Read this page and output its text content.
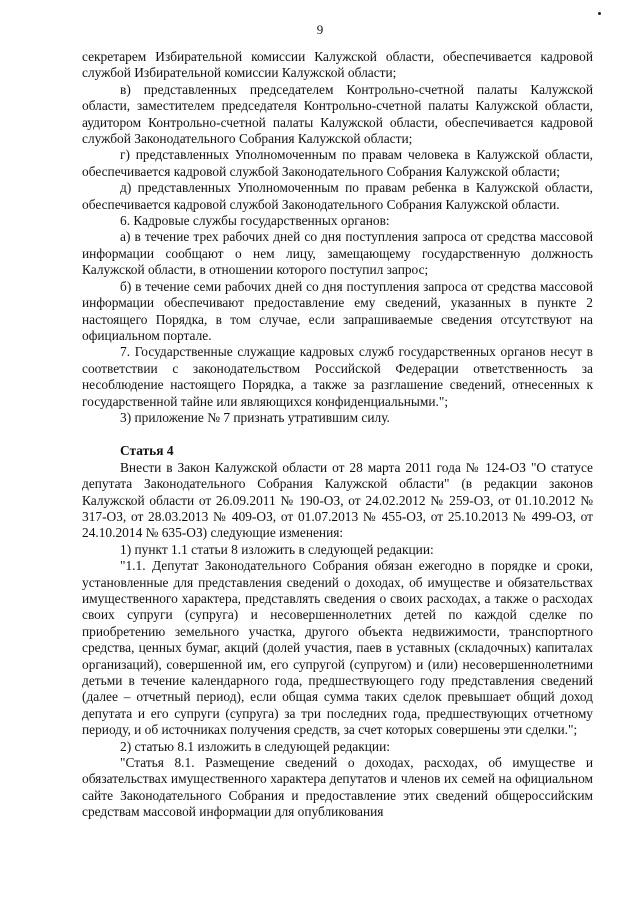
9

секретарем Избирательной комиссии Калужской области, обеспечивается кадровой службой Избирательной комиссии Калужской области;

в) представленных председателем Контрольно-счетной палаты Калужской области, заместителем председателя Контрольно-счетной палаты Калужской области, аудитором Контрольно-счетной палаты Калужской области, обеспечивается кадровой службой Законодательного Собрания Калужской области;

г) представленных Уполномоченным по правам человека в Калужской области, обеспечивается кадровой службой Законодательного Собрания Калужской области;

д) представленных Уполномоченным по правам ребенка в Калужской области, обеспечивается кадровой службой Законодательного Собрания Калужской области.

6. Кадровые службы государственных органов:

а) в течение трех рабочих дней со дня поступления запроса от средства массовой информации сообщают о нем лицу, замещающему государственную должность Калужской области, в отношении которого поступил запрос;

б) в течение семи рабочих дней со дня поступления запроса от средства массовой информации обеспечивают предоставление ему сведений, указанных в пункте 2 настоящего Порядка, в том случае, если запрашиваемые сведения отсутствуют на официальном портале.

7. Государственные служащие кадровых служб государственных органов несут в соответствии с законодательством Российской Федерации ответственность за несоблюдение настоящего Порядка, а также за разглашение сведений, отнесенных к государственной тайне или являющихся конфиденциальными.";

3) приложение № 7 признать утратившим силу.

Статья 4

Внести в Закон Калужской области от 28 марта 2011 года № 124-ОЗ "О статусе депутата Законодательного Собрания Калужской области" (в редакции законов Калужской области от 26.09.2011 № 190-ОЗ, от 24.02.2012 № 259-ОЗ, от 01.10.2012 № 317-ОЗ, от 28.03.2013 № 409-ОЗ, от 01.07.2013 № 455-ОЗ, от 25.10.2013 № 499-ОЗ, от 24.10.2014 № 635-ОЗ) следующие изменения:

1) пункт 1.1 статьи 8 изложить в следующей редакции:

"1.1. Депутат Законодательного Собрания обязан ежегодно в порядке и сроки, установленные для представления сведений о доходах, об имуществе и обязательствах имущественного характера, представлять сведения о своих расходах, а также о расходах своих супруги (супруга) и несовершеннолетних детей по каждой сделке по приобретению земельного участка, другого объекта недвижимости, транспортного средства, ценных бумаг, акций (долей участия, паев в уставных (складочных) капиталах организаций), совершенной им, его супругой (супругом) и (или) несовершеннолетними детьми в течение календарного года, предшествующего году представления сведений (далее – отчетный период), если общая сумма таких сделок превышает общий доход депутата и его супруги (супруга) за три последних года, предшествующих отчетному периоду, и об источниках получения средств, за счет которых совершены эти сделки.";

2) статью 8.1 изложить в следующей редакции:

"Статья 8.1. Размещение сведений о доходах, расходах, об имуществе и обязательствах имущественного характера депутатов и членов их семей на официальном сайте Законодательного Собрания и предоставление этих сведений общероссийским средствам массовой информации для опубликования
